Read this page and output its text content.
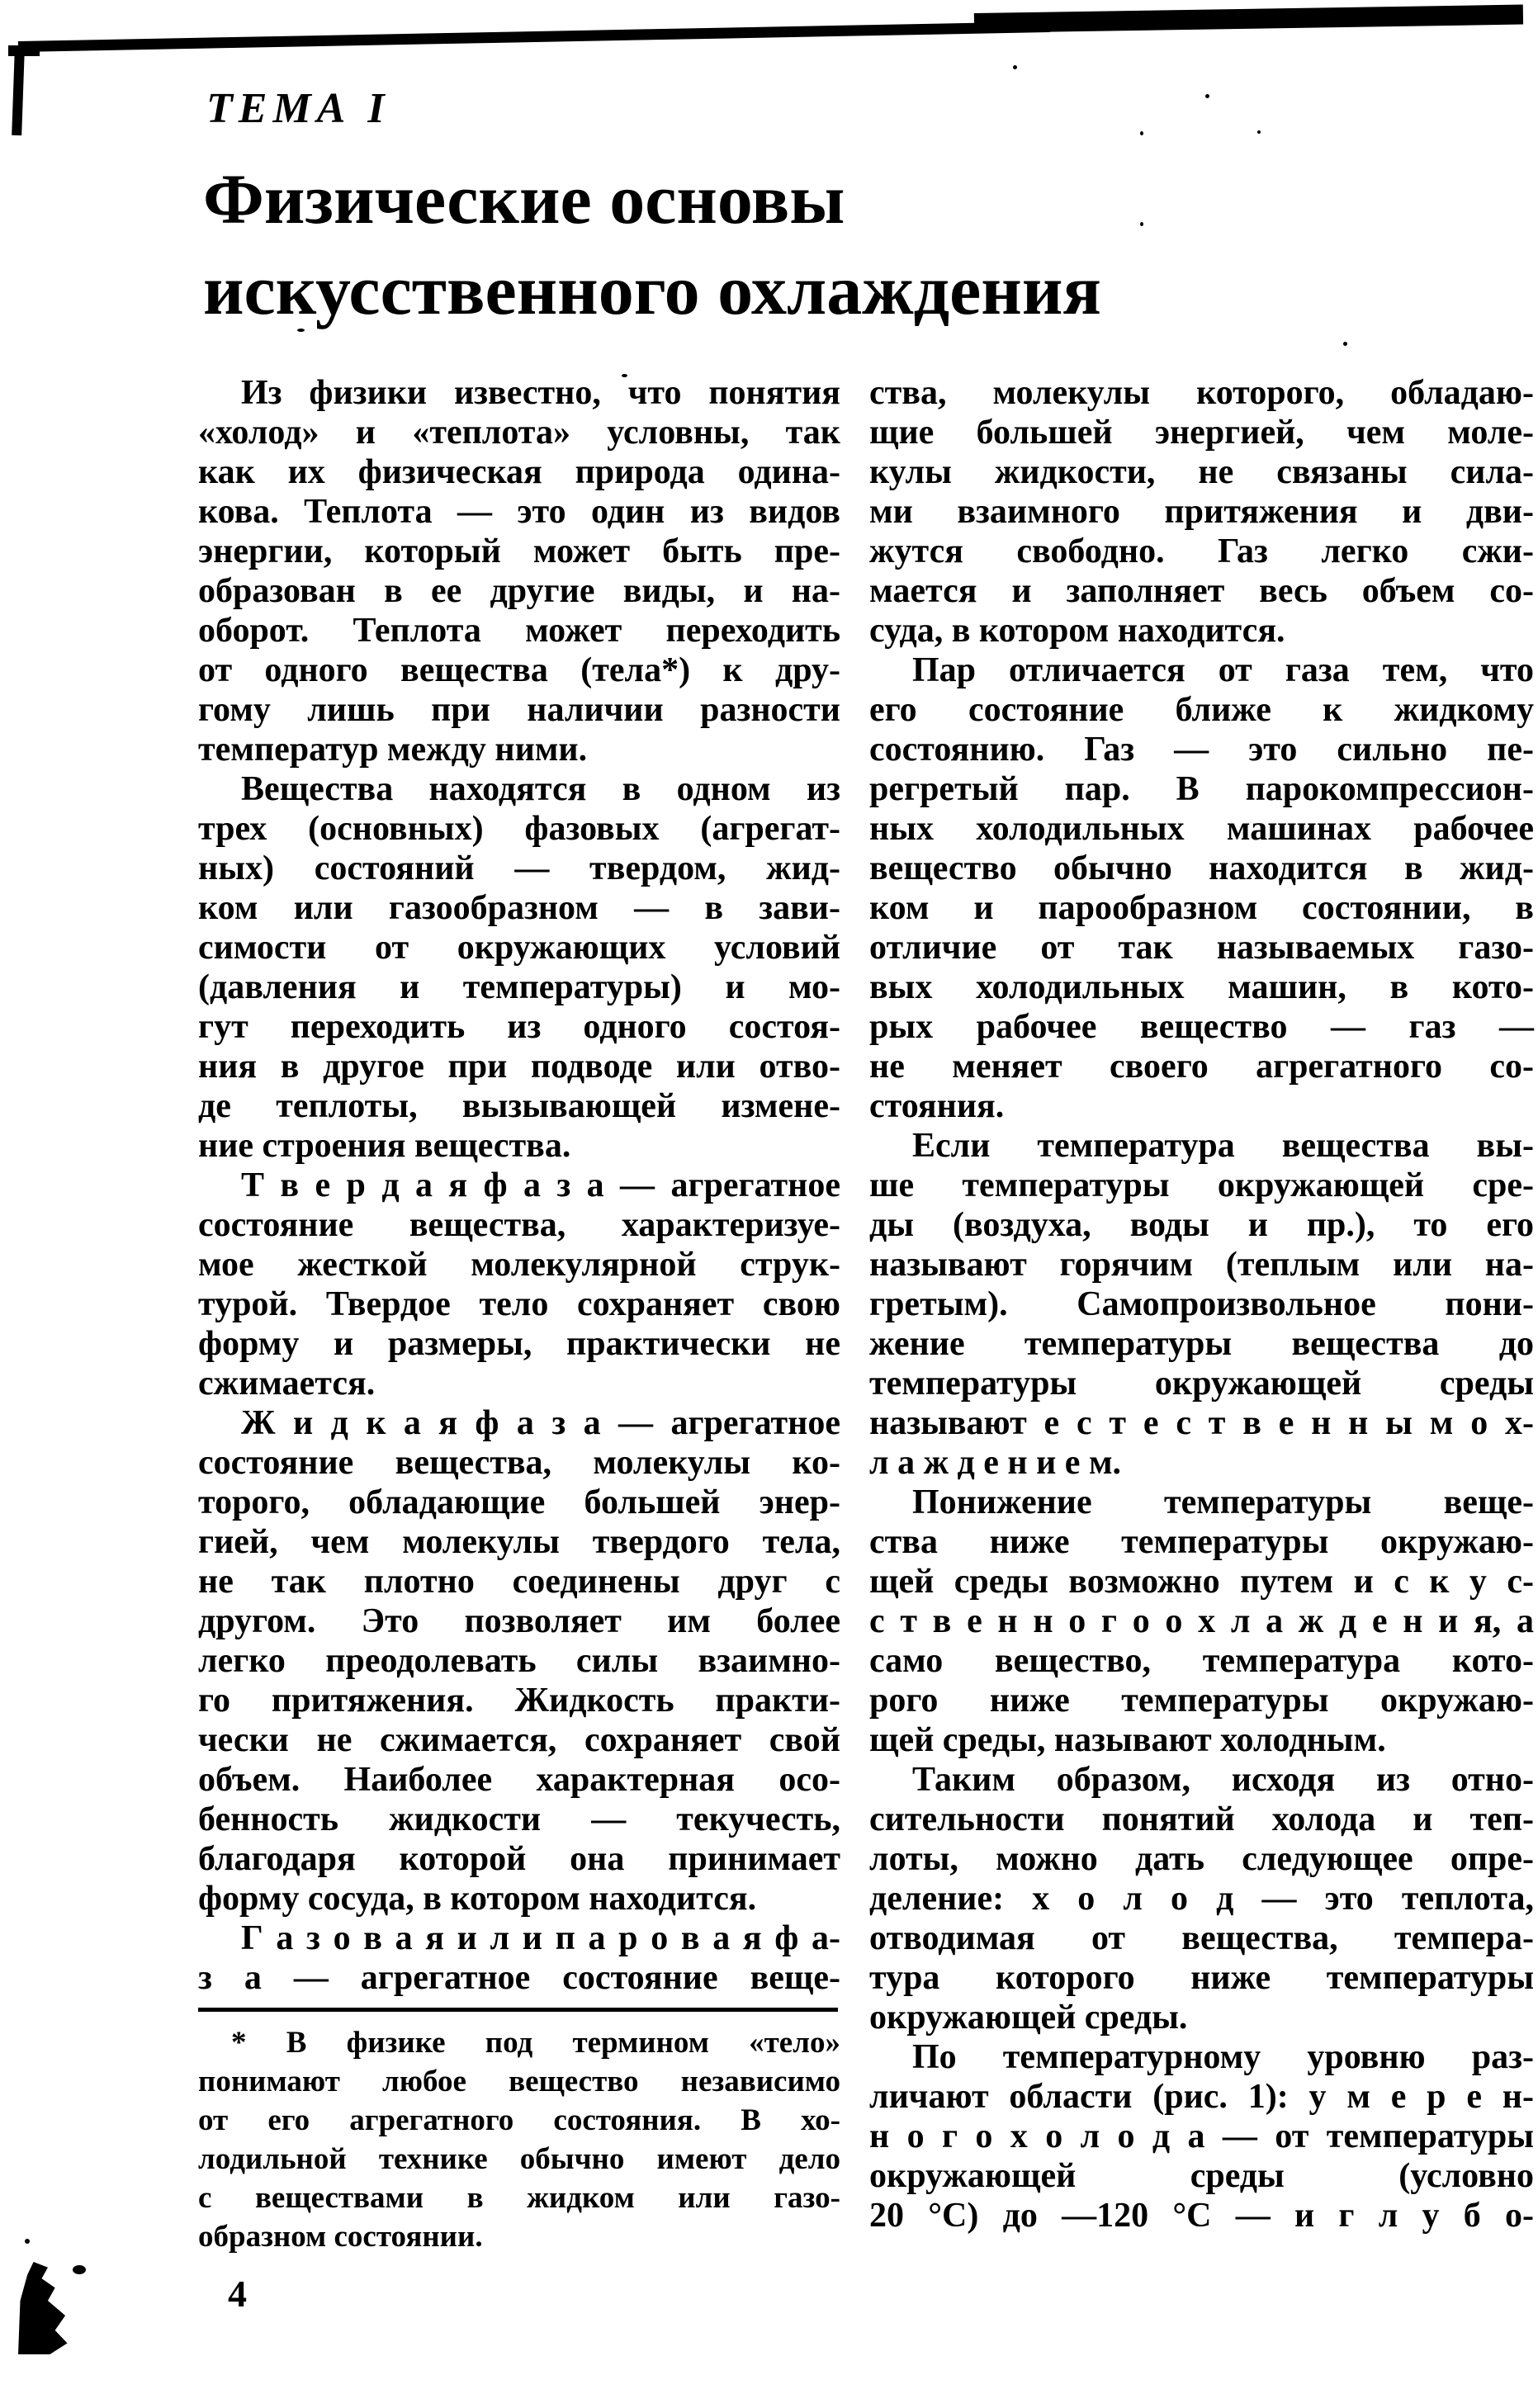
ТЕМА I
Физические основы
искусственного охлаждения
Из физики известно, что понятия
«холод» и «теплота» условны, так
как их физическая природа одина-
кова. Теплота — это один из видов
энергии, который может быть пре-
образован в ее другие виды, и на-
оборот. Теплота может переходить
от одного вещества (тела*) к дру-
гому лишь при наличии разности
температур между ними.
Вещества находятся в одном из
трех (основных) фазовых (агрегат-
ных) состояний — твердом, жид-
ком или газообразном — в зави-
симости от окружающих условий
(давления и температуры) и мо-
гут переходить из одного состоя-
ния в другое при подводе или отво-
де теплоты, вызывающей измене-
ние строения вещества.
Т в е р д а я ф а з а — агрегатное
состояние вещества, характеризуе-
мое жесткой молекулярной струк-
турой. Твердое тело сохраняет свою
форму и размеры, практически не
сжимается.
Ж и д к а я ф а з а — агрегатное
состояние вещества, молекулы ко-
торого, обладающие большей энер-
гией, чем молекулы твердого тела,
не так плотно соединены друг с
другом. Это позволяет им более
легко преодолевать силы взаимно-
го притяжения. Жидкость практи-
чески не сжимается, сохраняет свой
объем. Наиболее характерная осо-
бенность жидкости — текучесть,
благодаря которой она принимает
форму сосуда, в котором находится.
Г а з о в а я и л и п а р о в а я ф а-
з а — агрегатное состояние веще-
* В физике под термином «тело»
понимают любое вещество независимо
от его агрегатного состояния. В хо-
лодильной технике обычно имеют дело
с веществами в жидком или газо-
образном состоянии.
ства, молекулы которого, обладаю-
щие большей энергией, чем моле-
кулы жидкости, не связаны сила-
ми взаимного притяжения и дви-
жутся свободно. Газ легко сжи-
мается и заполняет весь объем со-
суда, в котором находится.
Пар отличается от газа тем, что
его состояние ближе к жидкому
состоянию. Газ — это сильно пе-
регретый пар. В парокомпрессион-
ных холодильных машинах рабочее
вещество обычно находится в жид-
ком и парообразном состоянии, в
отличие от так называемых газо-
вых холодильных машин, в кото-
рых рабочее вещество — газ —
не меняет своего агрегатного со-
стояния.
Если температура вещества вы-
ше температуры окружающей сре-
ды (воздуха, воды и пр.), то его
называют горячим (теплым или на-
гретым). Самопроизвольное пони-
жение температуры вещества до
температуры окружающей среды
называют е с т е с т в е н н ы м о х-
л а ж д е н и е м.
Понижение температуры веще-
ства ниже температуры окружаю-
щей среды возможно путем и с к у с-
с т в е н н о г о о х л а ж д е н и я, а
само вещество, температура кото-
рого ниже температуры окружаю-
щей среды, называют холодным.
Таким образом, исходя из отно-
сительности понятий холода и теп-
лоты, можно дать следующее опре-
деление: х о л о д — это теплота,
отводимая от вещества, темпера-
тура которого ниже температуры
окружающей среды.
По температурному уровню раз-
личают области (рис. 1): у м е р е н-
н о г о х о л о д а — от температуры
окружающей среды (условно
20 °С) до —120 °С — и г л у б о-
4
